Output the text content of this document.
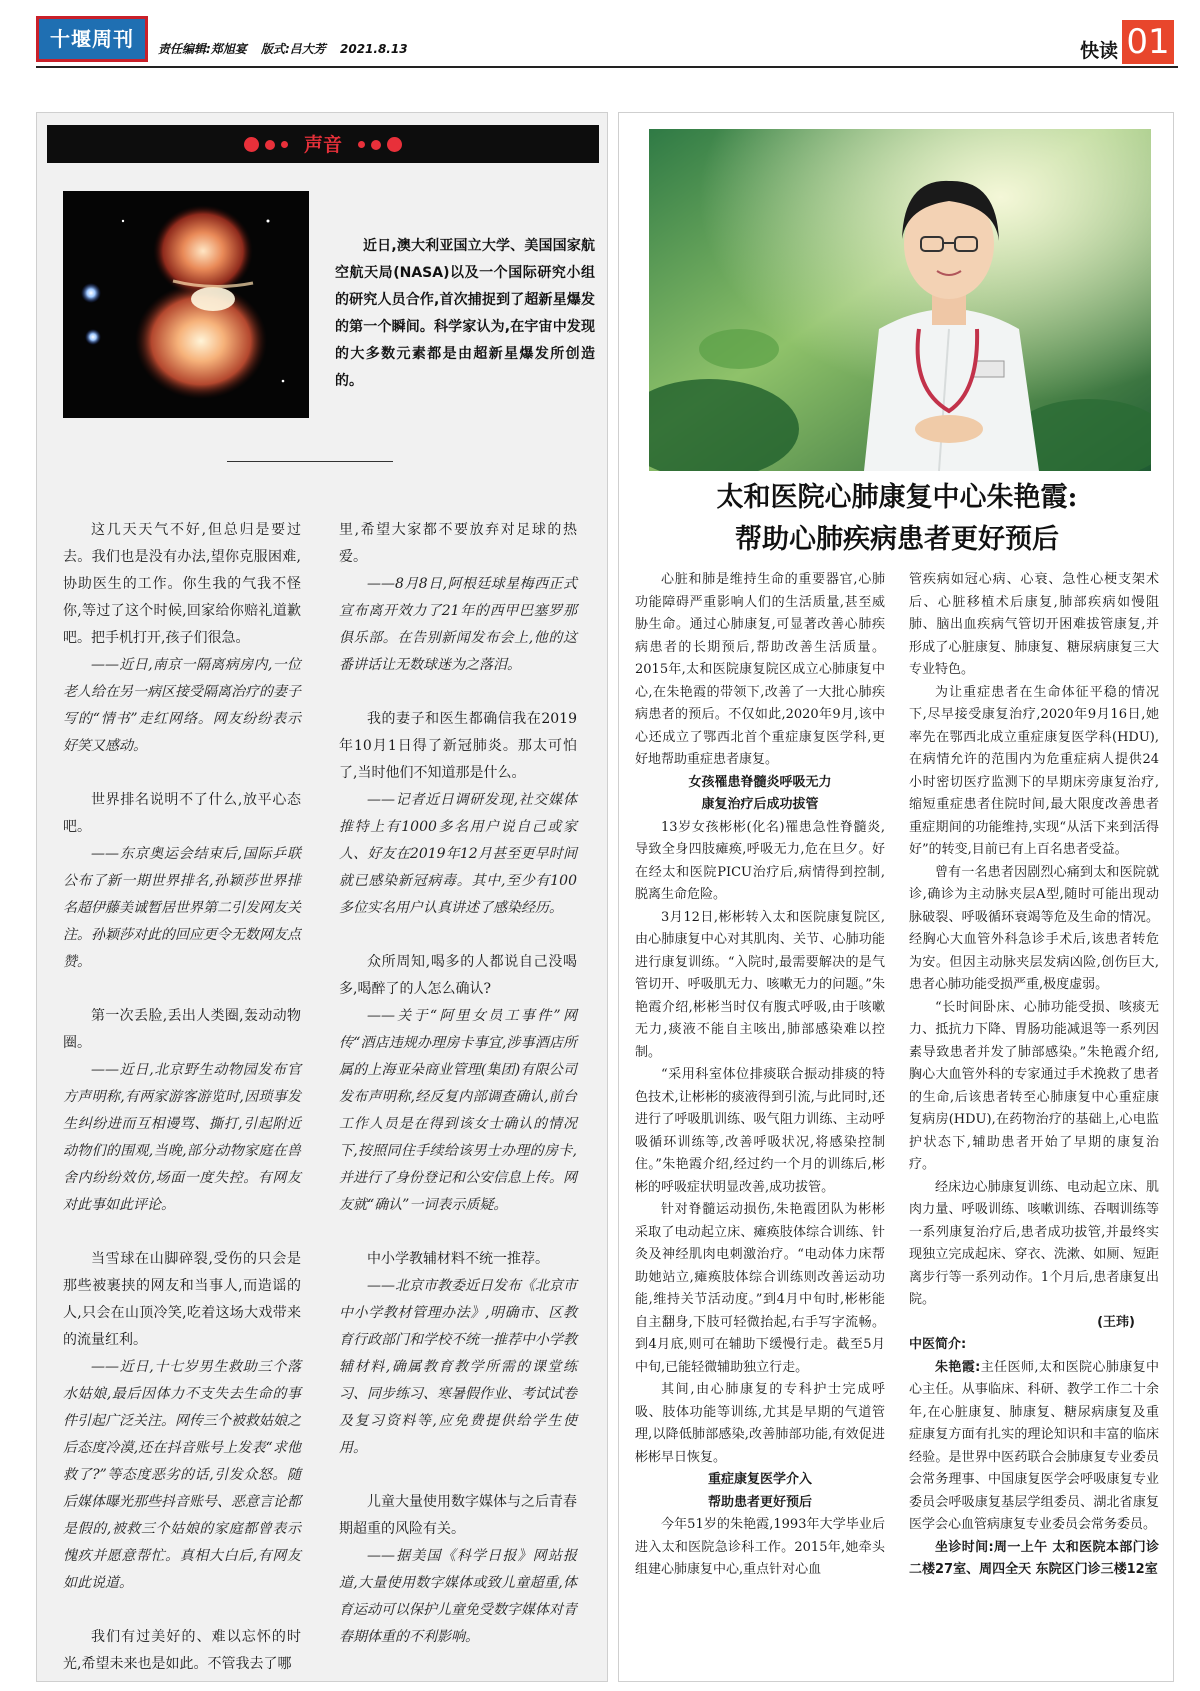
十堰周刊	责任编辑:郑旭宴 版式:吕大芳 2021.8.13	快读 01
声音
近日,澳大利亚国立大学、美国国家航空航天局(NASA)以及一个国际研究小组的研究人员合作,首次捕捉到了超新星爆发的第一个瞬间。科学家认为,在宇宙中发现的大多数元素都是由超新星爆发所创造的。

这几天天气不好,但总归是要过去。我们也是没有办法,望你克服困难,协助医生的工作。你生我的气我不怪你,等过了这个时候,回家给你赔礼道歉吧。把手机打开,孩子们很急。

——近日,南京一隔离病房内,一位老人给在另一病区接受隔离治疗的妻子写的“情书”走红网络。网友纷纷表示好笑又感动。

世界排名说明不了什么,放平心态吧。

——东京奥运会结束后,国际乒联公布了新一期世界排名,孙颖莎世界排名超伊藤美诚暂居世界第二引发网友关注。孙颖莎对此的回应更令无数网友点赞。

第一次丢脸,丢出人类圈,轰动动物圈。

——近日,北京野生动物园发布官方声明称,有两家游客游览时,因琐事发生纠纷进而互相谩骂、撕打,引起附近动物们的围观,当晚,部分动物家庭在兽舍内纷纷效仿,场面一度失控。有网友对此事如此评论。

当雪球在山脚碎裂,受伤的只会是那些被裹挟的网友和当事人,而造谣的人,只会在山顶冷笑,吃着这场大戏带来的流量红利。

——近日,十七岁男生救助三个落水姑娘,最后因体力不支失去生命的事件引起广泛关注。网传三个被救姑娘之后态度冷漠,还在抖音账号上发表“求他救了?”等态度恶劣的话,引发众怒。随后媒体曝光那些抖音账号、恶意言论都是假的,被救三个姑娘的家庭都曾表示愧疚并愿意帮忙。真相大白后,有网友如此说道。

我们有过美好的、难以忘怀的时光,希望未来也是如此。不管我去了哪

里,希望大家都不要放弃对足球的热爱。

——8月8日,阿根廷球星梅西正式宣布离开效力了21年的西甲巴塞罗那俱乐部。在告别新闻发布会上,他的这番讲话让无数球迷为之落泪。

我的妻子和医生都确信我在2019年10月1日得了新冠肺炎。那太可怕了,当时他们不知道那是什么。

——记者近日调研发现,社交媒体推特上有1000多名用户说自己或家人、好友在2019年12月甚至更早时间就已感染新冠病毒。其中,至少有100多位实名用户认真讲述了感染经历。

众所周知,喝多的人都说自己没喝多,喝醉了的人怎么确认?

——关于“阿里女员工事件”网传“酒店违规办理房卡事宜,涉事酒店所属的上海亚朵商业管理(集团)有限公司发布声明称,经反复内部调查确认,前台工作人员是在得到该女士确认的情况下,按照同住手续给该男士办理的房卡,并进行了身份登记和公安信息上传。网友就“确认”一词表示质疑。

中小学教辅材料不统一推荐。

——北京市教委近日发布《北京市中小学教材管理办法》,明确市、区教育行政部门和学校不统一推荐中小学教辅材料,确属教育教学所需的课堂练习、同步练习、寒暑假作业、考试试卷及复习资料等,应免费提供给学生使用。

儿童大量使用数字媒体与之后青春期超重的风险有关。

——据美国《科学日报》网站报道,大量使用数字媒体或致儿童超重,体育运动可以保护儿童免受数字媒体对青春期体重的不利影响。

太和医院心肺康复中心朱艳霞:
帮助心肺疾病患者更好预后

心脏和肺是维持生命的重要器官,心肺功能障碍严重影响人们的生活质量,甚至威胁生命。通过心肺康复,可显著改善心肺疾病患者的长期预后,帮助改善生活质量。2015年,太和医院康复院区成立心肺康复中心,在朱艳霞的带领下,改善了一大批心肺疾病患者的预后。不仅如此,2020年9月,该中心还成立了鄂西北首个重症康复医学科,更好地帮助重症患者康复。

女孩罹患脊髓炎呼吸无力

康复治疗后成功拔管

13岁女孩彬彬(化名)罹患急性脊髓炎,导致全身四肢瘫痪,呼吸无力,危在旦夕。好在经太和医院PICU治疗后,病情得到控制,脱离生命危险。

3月12日,彬彬转入太和医院康复院区,由心肺康复中心对其肌肉、关节、心肺功能进行康复训练。“入院时,最需要解决的是气管切开、呼吸肌无力、咳嗽无力的问题。”朱艳霞介绍,彬彬当时仅有腹式呼吸,由于咳嗽无力,痰液不能自主咳出,肺部感染难以控制。

“采用科室体位排痰联合振动排痰的特色技术,让彬彬的痰液得到引流,与此同时,还进行了呼吸肌训练、吸气阻力训练、主动呼吸循环训练等,改善呼吸状况,将感染控制住。”朱艳霞介绍,经过约一个月的训练后,彬彬的呼吸症状明显改善,成功拔管。

针对脊髓运动损伤,朱艳霞团队为彬彬采取了电动起立床、瘫痪肢体综合训练、针灸及神经肌肉电刺激治疗。“电动体力床帮助她站立,瘫痪肢体综合训练则改善运动功能,维持关节活动度。”到4月中旬时,彬彬能自主翻身,下肢可轻微抬起,右手写字流畅。到4月底,则可在辅助下缓慢行走。截至5月中旬,已能轻微辅助独立行走。

其间,由心肺康复的专科护士完成呼吸、肢体功能等训练,尤其是早期的气道管理,以降低肺部感染,改善肺部功能,有效促进彬彬早日恢复。

重症康复医学介入

帮助患者更好预后

今年51岁的朱艳霞,1993年大学毕业后进入太和医院急诊科工作。2015年,她牵头组建心肺康复中心,重点针对心血

管疾病如冠心病、心衰、急性心梗支架术后、心脏移植术后康复,肺部疾病如慢阻肺、脑出血疾病气管切开困难拔管康复,并形成了心脏康复、肺康复、糖尿病康复三大专业特色。

为让重症患者在生命体征平稳的情况下,尽早接受康复治疗,2020年9月16日,她率先在鄂西北成立重症康复医学科(HDU),在病情允许的范围内为危重症病人提供24小时密切医疗监测下的早期床旁康复治疗,缩短重症患者住院时间,最大限度改善患者重症期间的功能维持,实现“从活下来到活得好”的转变,目前已有上百名患者受益。

曾有一名患者因剧烈心痛到太和医院就诊,确诊为主动脉夹层A型,随时可能出现动脉破裂、呼吸循环衰竭等危及生命的情况。经胸心大血管外科急诊手术后,该患者转危为安。但因主动脉夹层发病凶险,创伤巨大,患者心肺功能受损严重,极度虚弱。

“长时间卧床、心肺功能受损、咳痰无力、抵抗力下降、胃肠功能减退等一系列因素导致患者并发了肺部感染。”朱艳霞介绍,胸心大血管外科的专家通过手术挽救了患者的生命,后该患者转至心肺康复中心重症康复病房(HDU),在药物治疗的基础上,心电监护状态下,辅助患者开始了早期的康复治疗。

经床边心肺康复训练、电动起立床、肌肉力量、呼吸训练、咳嗽训练、吞咽训练等一系列康复治疗后,患者成功拔管,并最终实现独立完成起床、穿衣、洗漱、如厕、短距离步行等一系列动作。1个月后,患者康复出院。

(王玮)

中医简介:

朱艳霞:主任医师,太和医院心肺康复中心主任。从事临床、科研、教学工作二十余年,在心脏康复、肺康复、糖尿病康复及重症康复方面有扎实的理论知识和丰富的临床经验。是世界中医药联合会肺康复专业委员会常务理事、中国康复医学会呼吸康复专业委员会呼吸康复基层学组委员、湖北省康复医学会心血管病康复专业委员会常务委员。

坐诊时间:周一上午 太和医院本部门诊二楼27室、周四全天 东院区门诊三楼12室
